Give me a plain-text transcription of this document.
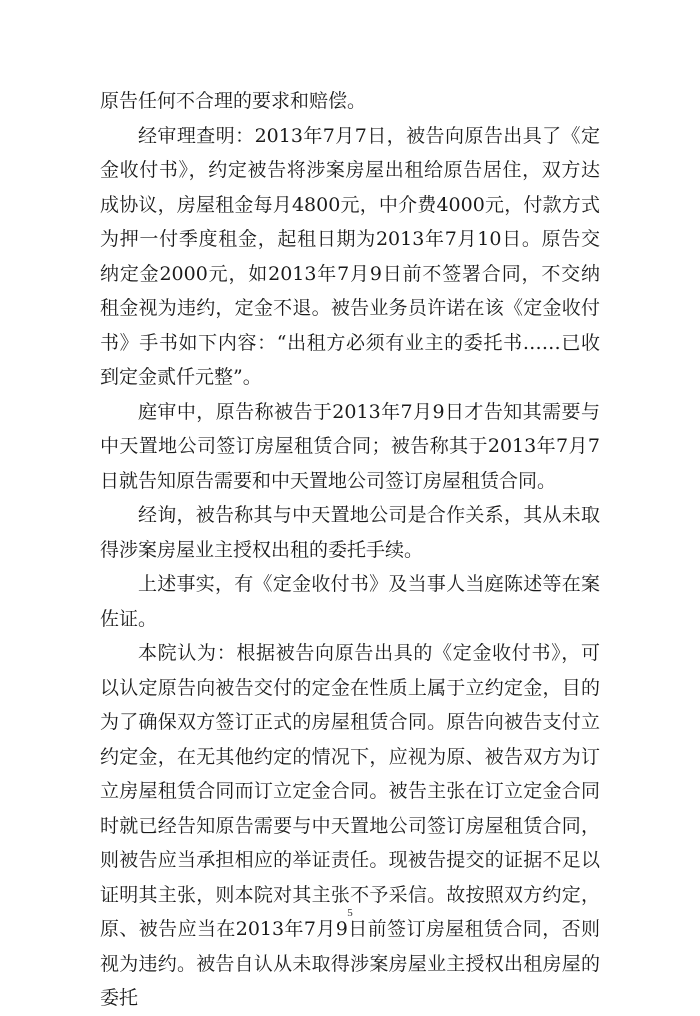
原告任何不合理的要求和赔偿。

经审理查明：2013年7月7日，被告向原告出具了《定金收付书》，约定被告将涉案房屋出租给原告居住，双方达成协议，房屋租金每月4800元，中介费4000元，付款方式为押一付季度租金，起租日期为2013年7月10日。原告交纳定金2000元，如2013年7月9日前不签署合同，不交纳租金视为违约，定金不退。被告业务员许诺在该《定金收付书》手书如下内容：“出租方必须有业主的委托书……已收到定金贰仟元整”。

庭审中，原告称被告于2013年7月9日才告知其需要与中天置地公司签订房屋租赁合同；被告称其于2013年7月7日就告知原告需要和中天置地公司签订房屋租赁合同。

经询，被告称其与中天置地公司是合作关系，其从未取得涉案房屋业主授权出租的委托手续。

上述事实，有《定金收付书》及当事人当庭陈述等在案佐证。

本院认为：根据被告向原告出具的《定金收付书》，可以认定原告向被告交付的定金在性质上属于立约定金，目的为了确保双方签订正式的房屋租赁合同。原告向被告支付立约定金，在无其他约定的情况下，应视为原、被告双方为订立房屋租赁合同而订立定金合同。被告主张在订立定金合同时就已经告知原告需要与中天置地公司签订房屋租赁合同，则被告应当承担相应的举证责任。现被告提交的证据不足以证明其主张，则本院对其主张不予采信。故按照双方约定，原、被告应当在2013年7月9日前签订房屋租赁合同，否则视为违约。被告自认从未取得涉案房屋业主授权出租房屋的委托

5
